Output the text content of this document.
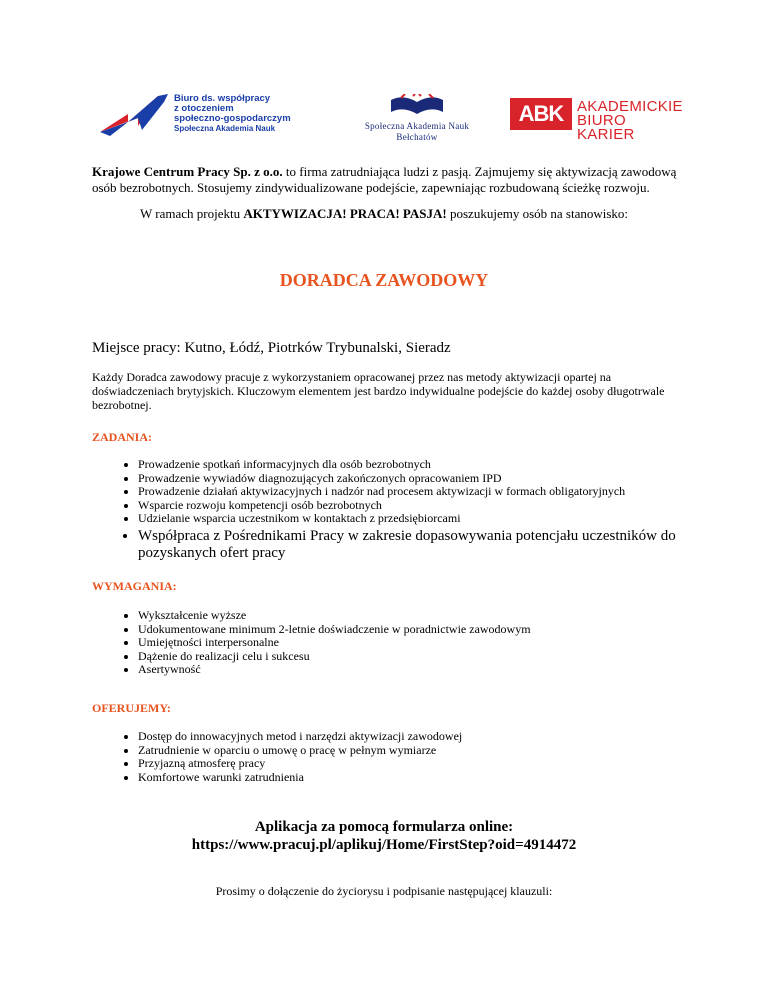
Biuro ds. współpracy
z otoczeniem
społeczno-gospodarczym
Społeczna Akademia Nauk	Społeczna Akademia Nauk
Bełchatów
ABK AKADEMICKIE
BIURO KARIER
Krajowe Centrum Pracy Sp. z o.o. to firma zatrudniająca ludzi z pasją. Zajmujemy się aktywizacją zawodową osób bezrobotnych. Stosujemy zindywidualizowane podejście, zapewniając rozbudowaną ścieżkę rozwoju.
W ramach projektu AKTYWIZACJA! PRACA! PASJA! poszukujemy osób na stanowisko:
DORADCA ZAWODOWY
Miejsce pracy: Kutno, Łódź, Piotrków Trybunalski, Sieradz
Każdy Doradca zawodowy pracuje z wykorzystaniem opracowanej przez nas metody aktywizacji opartej na doświadczeniach brytyjskich. Kluczowym elementem jest bardzo indywidualne podejście do każdej osoby długotrwale bezrobotnej.
ZADANIA:
• Prowadzenie spotkań informacyjnych dla osób bezrobotnych
• Prowadzenie wywiadów diagnozujących zakończonych opracowaniem IPD
• Prowadzenie działań aktywizacyjnych i nadzór nad procesem aktywizacji w formach obligatoryjnych
• Wsparcie rozwoju kompetencji osób bezrobotnych
• Udzielanie wsparcia uczestnikom w kontaktach z przedsiębiorcami
• Współpraca z Pośrednikami Pracy w zakresie dopasowywania potencjału uczestników do pozyskanych ofert pracy
WYMAGANIA:
• Wykształcenie wyższe
• Udokumentowane minimum 2-letnie doświadczenie w poradnictwie zawodowym
• Umiejętności interpersonalne
• Dążenie do realizacji celu i sukcesu
• Asertywność
OFERUJEMY:
• Dostęp do innowacyjnych metod i narzędzi aktywizacji zawodowej
• Zatrudnienie w oparciu o umowę o pracę w pełnym wymiarze
• Przyjazną atmosferę pracy
• Komfortowe warunki zatrudnienia
Aplikacja za pomocą formularza online:
https://www.pracuj.pl/aplikuj/Home/FirstStep?oid=4914472
Prosimy o dołączenie do życiorysu i podpisanie następującej klauzuli:
